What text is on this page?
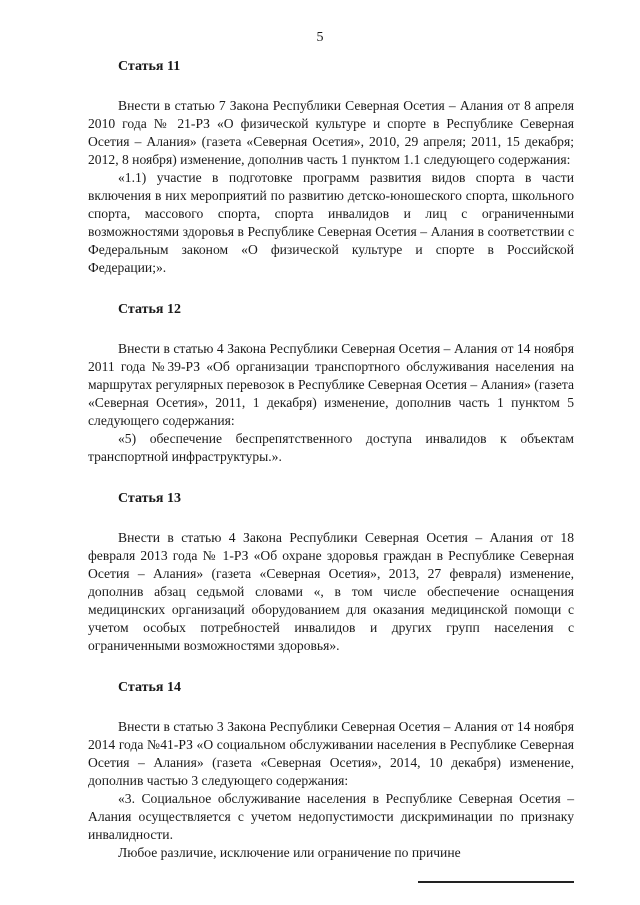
5
Статья 11

Внести в статью 7 Закона Республики Северная Осетия – Алания от 8 апреля 2010 года № 21-РЗ «О физической культуре и спорте в Республике Северная Осетия – Алания» (газета «Северная Осетия», 2010, 29 апреля; 2011, 15 декабря; 2012, 8 ноября) изменение, дополнив часть 1 пунктом 1.1 следующего содержания:

«1.1) участие в подготовке программ развития видов спорта в части включения в них мероприятий по развитию детско-юношеского спорта, школьного спорта, массового спорта, спорта инвалидов и лиц с ограниченными возможностями здоровья в Республике Северная Осетия – Алания в соответствии с Федеральным законом «О физической культуре и спорте в Российской Федерации;».

Статья 12

Внести в статью 4 Закона Республики Северная Осетия – Алания от 14 ноября 2011 года №39-РЗ «Об организации транспортного обслуживания населения на маршрутах регулярных перевозок в Республике Северная Осетия – Алания» (газета «Северная Осетия», 2011, 1 декабря) изменение, дополнив часть 1 пунктом 5 следующего содержания:

«5) обеспечение беспрепятственного доступа инвалидов к объектам транспортной инфраструктуры.».

Статья 13

Внести в статью 4 Закона Республики Северная Осетия – Алания от 18 февраля 2013 года № 1-РЗ «Об охране здоровья граждан в Республике Северная Осетия – Алания» (газета «Северная Осетия», 2013, 27 февраля) изменение, дополнив абзац седьмой словами «, в том числе обеспечение оснащения медицинских организаций оборудованием для оказания медицинской помощи с учетом особых потребностей инвалидов и других групп населения с ограниченными возможностями здоровья».

Статья 14

Внести в статью 3 Закона Республики Северная Осетия – Алания от 14 ноября 2014 года №41-РЗ «О социальном обслуживании населения в Республике Северная Осетия – Алания» (газета «Северная Осетия», 2014, 10 декабря) изменение, дополнив частью 3 следующего содержания:

«3. Социальное обслуживание населения в Республике Северная Осетия – Алания осуществляется с учетом недопустимости дискриминации по признаку инвалидности.

Любое различие, исключение или ограничение по причине
